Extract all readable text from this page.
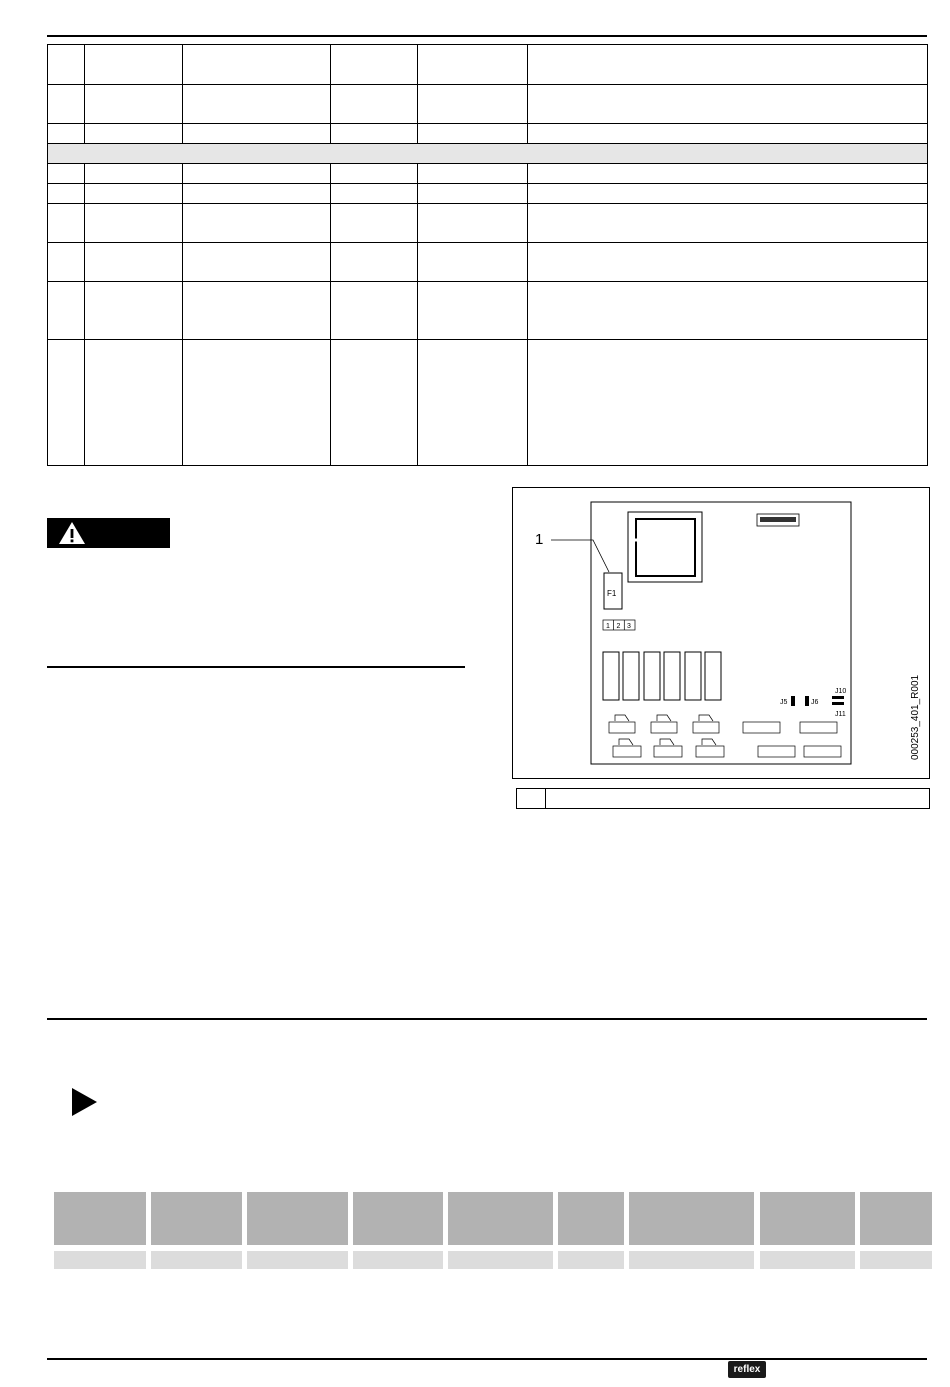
1
F1
1 2 3
J5	J6
J10
J11	000253_401_R001
reflex
